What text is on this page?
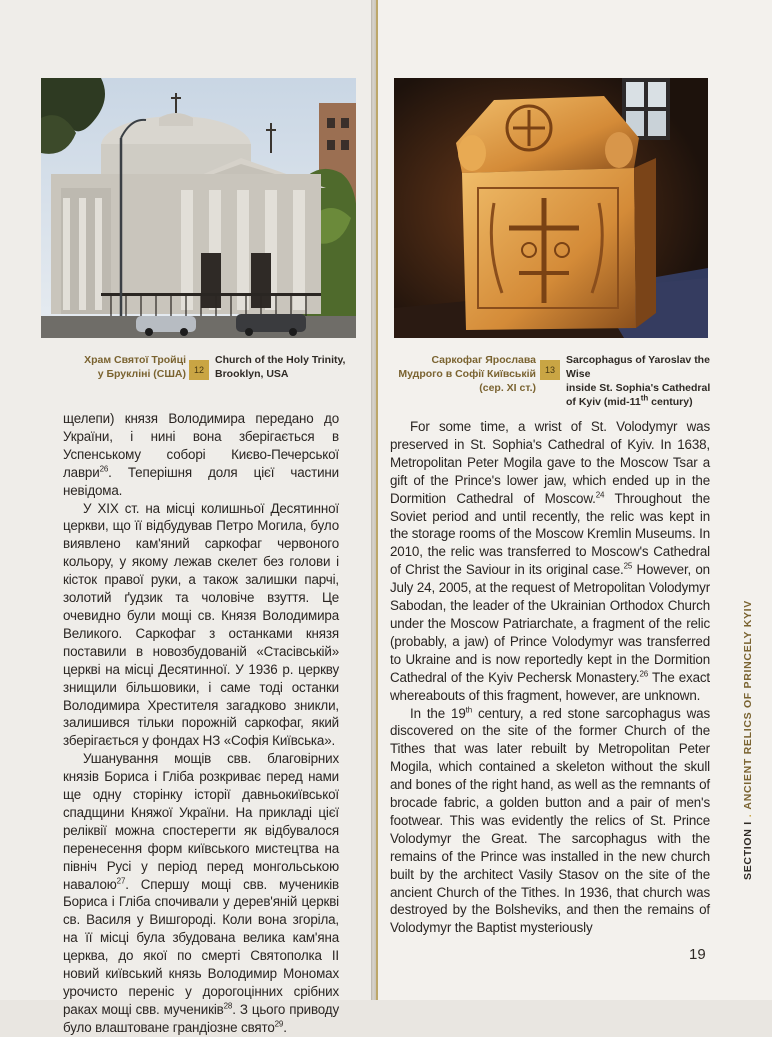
Храм Святої Тройці
у Брукліні (США) 12
Church of the Holy Trinity,
Brooklyn, USA
Саркофаг Ярослава
Мудрого в Софії Київській
(сер. XI ст.)
13
Sarcophagus of Yaroslav the Wise
inside St. Sophia's Cathedral
of Kyiv (mid-11th century)

щелепи) князя Володимира передано до України, і нині вона зберігається в Успенському соборі Києво-Печерської лаври$^{26}$. Теперішня доля цієї частини невідома.

У XIX ст. на місці колишньої Десятинної церкви, що її відбудував Петро Могила, було виявлено кам'яний саркофаг червоного кольору, у якому лежав скелет без голови і кісток правої руки, а також залишки парчі, золотий ґудзик та чоловіче взуття. Це очевидно були мощі св. Князя Володимира Великого. Саркофаг з останками князя поставили в новозбудованій «Стасівській» церкві на місці Десятинної. У 1936 р. церкву знищили більшовики, і саме тоді останки Володимира Хрестителя загадково зникли, залишився тільки порожній саркофаг, який зберігається у фондах НЗ «Софія Київська».

Ушанування мощів свв. благовірних князів Бориса і Гліба розкриває перед нами ще одну сторінку історії давньокиївської спадщини Княжої України. На прикладі цієї реліквії можна спостерегти як відбувалося перенесення форм київського мистецтва на північ Русі у період перед монгольською навалою$^{27}$. Спершу мощі свв. мучеників Бориса і Гліба спочивали у дерев'яній церкві св. Василя у Вишгороді. Коли вона згоріла, на її місці була збудована велика кам'яна церква, до якої по смерті Святополка II новий київський князь Володимир Мономах урочисто переніс у дорогоцінних срібних раках мощі свв. мучеників$^{28}$. З цього приводу було влаштоване грандіозне свято$^{29}$.

For some time, a wrist of St. Volodymyr was preserved in St. Sophia's Cathedral of Kyiv. In 1638, Metropolitan Peter Mogila gave to the Moscow Tsar a gift of the Prince's lower jaw, which ended up in the Dormition Cathedral of Moscow.$^{24}$ Throughout the Soviet period and until recently, the relic was kept in the storage rooms of the Moscow Kremlin Museums. In 2010, the relic was transferred to Moscow's Cathedral of Christ the Saviour in its original case.$^{25}$ However, on July 24, 2005, at the request of Metropolitan Volodymyr Sabodan, the leader of the Ukrainian Orthodox Church under the Moscow Patriarchate, a fragment of the relic (probably, a jaw) of Prince Volodymyr was transferred to Ukraine and is now reportedly kept in the Dormition Cathedral of the Kyiv Pechersk Monastery.$^{26}$ The exact whereabouts of this fragment, however, are unknown.

In the 19th century, a red stone sarcophagus was discovered on the site of the former Church of the Tithes that was later rebuilt by Metropolitan Peter Mogila, which contained a skeleton without the skull and bones of the right hand, as well as the remnants of brocade fabric, a golden button and a pair of men's footwear. This was evidently the relics of St. Prince Volodymyr the Great. The sarcophagus with the remains of the Prince was installed in the new church built by the architect Vasily Stasov on the site of the ancient Church of the Tithes. In 1936, that church was destroyed by the Bolsheviks, and then the remains of Volodymyr the Baptist mysteriously

SECTION I.ANCIENT RELICS OF PRINCELY KYIV
19
